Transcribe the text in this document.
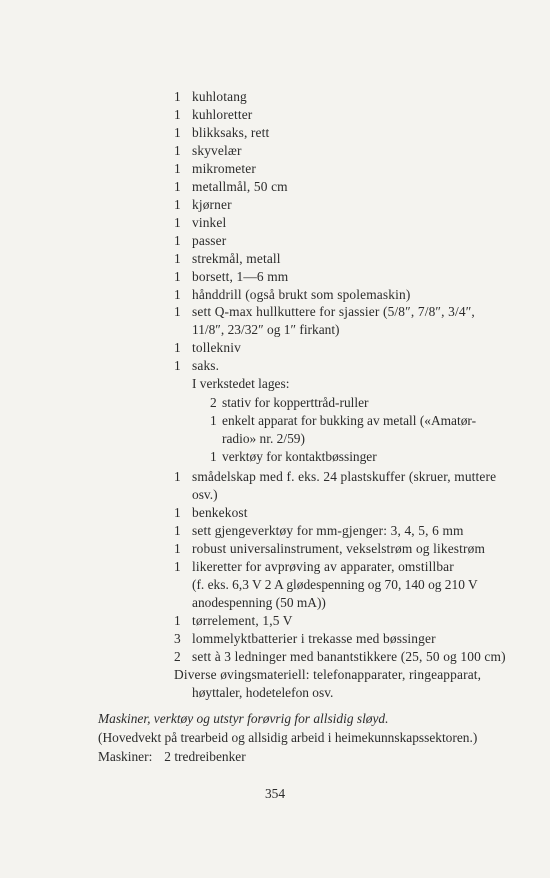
1 kuhlotang
1 kuhloretter
1 blikksaks, rett
1 skyvelær
1 mikrometer
1 metallmål, 50 cm
1 kjørner
1 vinkel
1 passer
1 strekmål, metall
1 borsett, 1—6 mm
1 hånddrill (også brukt som spolemaskin)
1 sett Q-max hullkuttere for sjassier (5/8″, 7/8″, 3/4″,
11/8″, 23/32″ og 1″ firkant)
1 tollekniv
1 saks.
I verkstedet lages:
2 stativ for kopperttråd-ruller
1 enkelt apparat for bukking av metall («Amatør-
radio» nr. 2/59)
1 verktøy for kontaktbøssinger
1 smådelskap med f. eks. 24 plastskuffer (skruer, muttere
osv.)
1 benkekost
1 sett gjengeverktøy for mm-gjenger: 3, 4, 5, 6 mm
1 robust universalinstrument, vekselstrøm og likestrøm
1 likeretter for avprøving av apparater, omstillbar
(f. eks. 6,3 V 2 A glødespenning og 70, 140 og 210 V
anodespenning (50 mA))
1 tørrelement, 1,5 V
3 lommelyktbatterier i trekasse med bøssinger
2 sett à 3 ledninger med banantstikkere (25, 50 og 100 cm)
Diverse øvingsmateriell: telefonapparater, ringeapparat,
høyttaler, hodetelefon osv.
Maskiner, verktøy og utstyr forøvrig for allsidig sløyd.
(Hovedvekt på trearbeid og allsidig arbeid i heimekunnskapssektoren.)
Maskiner: 2 tredreibenker
354
